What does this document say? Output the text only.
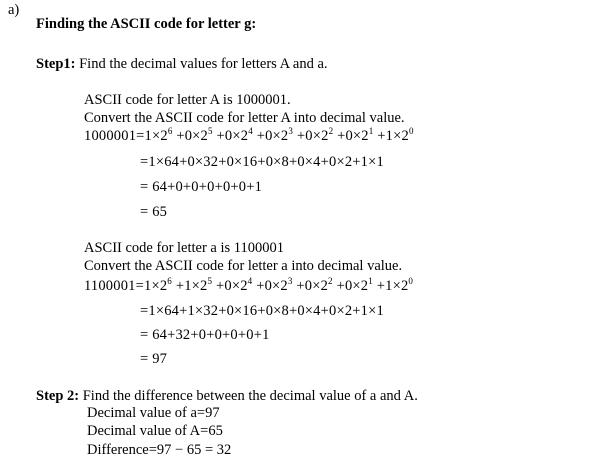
a)
Finding the ASCII code for letter g:
Step1: Find the decimal values for letters A and a.
ASCII code for letter A is 1000001.
Convert the ASCII code for letter A into decimal value.
$1000001=1\times 2^6 +0\times 2^5 +0\times 2^4 +0\times 2^3 +0\times 2^2 +0\times 2^1 +1\times 2^0$
=1×64+0×32+0×16+0×8+0×4+0×2+1×1
= 64+0+0+0+0+0+1
= 65
ASCII code for letter a is 1100001
Convert the ASCII code for letter a into decimal value.
$1100001=1\times 2^6 +1\times 2^5 +0\times 2^4 +0\times 2^3 +0\times 2^2 +0\times 2^1 +1\times 2^0$
=1×64+1×32+0×16+0×8+0×4+0×2+1×1
= 64+32+0+0+0+0+1
= 97
Step 2: Find the difference between the decimal value of a and A.
Decimal value of a=97
Decimal value of A=65
Difference=97 − 65 = 32
